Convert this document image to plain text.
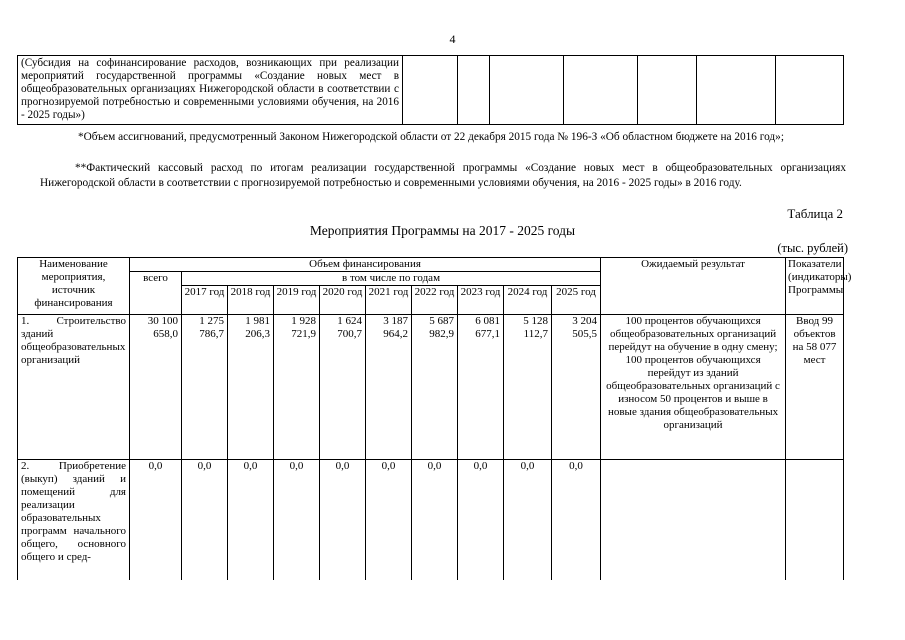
4
(Субсидия на софинансирование расходов, возникающих при реализации мероприятий государственной программы «Создание новых мест в общеобразовательных организациях Нижегородской области в соответствии с прогнозируемой потребностью и современными условиями обучения, на 2016 - 2025 годы»)							
*Объем ассигнований, предусмотренный Законом Нижегородской области от 22 декабря 2015 года № 196-З «Об областном бюджете на 2016 год»;
**Фактический кассовый расход по итогам реализации государственной программы «Создание новых мест в общеобразовательных организациях Нижегородской области в соответствии с прогнозируемой потребностью и современными условиями обучения, на 2016 - 2025 годы» в 2016 году.
Таблица 2
Мероприятия Программы на 2017 - 2025 годы
(тыс. рублей)
Наименование мероприятия, источник финансирования	Объем финансирования										Ожидаемый результат	Показатели (индикаторы) Программы
	всего	в том числе по годам										
		2017 год	2018 год	2019 год	2020 год	2021 год	2022 год	2023 год	2024 год	2025 год		
1. Строительство зданий общеобразовательных организаций	30 100 658,0	1 275 786,7	1 981 206,3	1 928 721,9	1 624 700,7	3 187 964,2	5 687 982,9	6 081 677,1	5 128 112,7	3 204 505,5	100 процентов обучающихся общеобразовательных организаций перейдут на обучение в одну смену; 100 процентов обучающихся перейдут из зданий общеобразовательных организаций с износом 50 процентов и выше в новые здания общеобразовательных организаций	Ввод 99 объектов на 58 077 мест
2. Приобретение (выкуп) зданий и помещений для реализации образовательных программ начального общего, основного общего и сред-	0,0	0,0	0,0	0,0	0,0	0,0	0,0	0,0	0,0	0,0		
